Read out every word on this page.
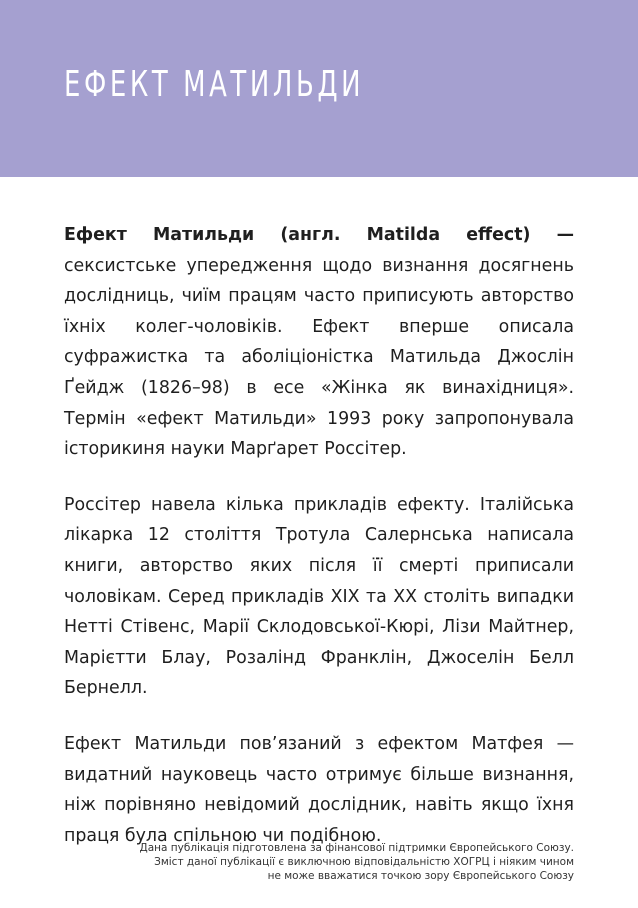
ЕФЕКТ МАТИЛЬДИ

Ефект Матильди (англ. Matilda effect) — сексистське упередження щодо визнання досягнень дослідниць, чиїм працям часто приписують авторство їхніх колег-чоловіків. Ефект вперше описала суфражистка та аболіціоністка Матильда Джослін Ґейдж (1826–98) в есе «Жінка як винахідниця». Термін «ефект Матильди» 1993 року запропонувала історикиня науки Марґарет Россітер.

Россітер навела кілька прикладів ефекту. Італійська лікарка 12 століття Тротула Салернська написала книги, авторство яких після її смерті приписали чоловікам. Серед прикладів XIX та XX століть випадки Нетті Стівенс, Марії Склодовської-Кюрі, Лізи Майтнер, Марієтти Блау, Розалінд Франклін, Джоселін Белл Бернелл.

Ефект Матильди пов’язаний з ефектом Матфея — видатний науковець часто отримує більше визнання, ніж порівняно невідомий дослідник, навіть якщо їхня праця була спільною чи подібною.

Дана публікація підготовлена за фінансової підтримки Європейського Союзу.
Зміст даної публікації є виключною відповідальністю ХОГРЦ і ніяким чином
не може вважатися точкою зору Європейського Союзу
